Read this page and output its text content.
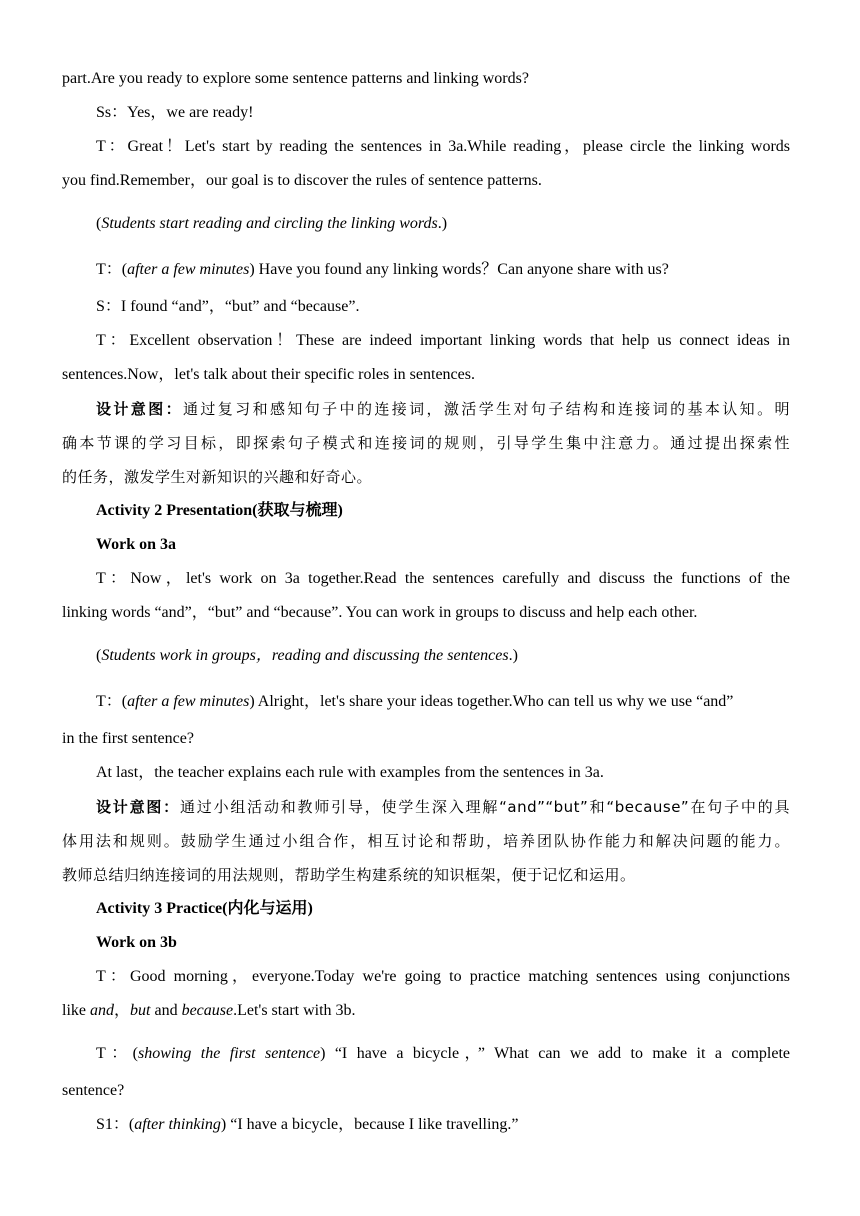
part.Are you ready to explore some sentence patterns and linking words?
Ss：Yes，we are ready!
T：Great！Let's start by reading the sentences in 3a.While reading，please circle the linking words
you find.Remember，our goal is to discover the rules of sentence patterns.
(Students start reading and circling the linking words.)
T：(after a few minutes) Have you found any linking words？Can anyone share with us?
S：I found “and”，“but” and “because”.
T：Excellent observation！These are indeed important linking words that help us connect ideas in
sentences.Now，let's talk about their specific roles in sentences.
设计意图：通过复习和感知句子中的连接词，激活学生对句子结构和连接词的基本认知。明
确本节课的学习目标，即探索句子模式和连接词的规则，引导学生集中注意力。通过提出探索性
的任务，激发学生对新知识的兴趣和好奇心。
Activity 2 Presentation(获取与梳理)
Work on 3a
T：Now，let's work on 3a together.Read the sentences carefully and discuss the functions of the
linking words “and”，“but” and “because”. You can work in groups to discuss and help each other.
(Students work in groups，reading and discussing the sentences.)
T：(after a few minutes) Alright，let's share your ideas together.Who can tell us why we use “and”
in the first sentence?
At last，the teacher explains each rule with examples from the sentences in 3a.
设计意图：通过小组活动和教师引导，使学生深入理解“and”“but”和“because”在句子中的具
体用法和规则。鼓励学生通过小组合作，相互讨论和帮助，培养团队协作能力和解决问题的能力。
教师总结归纳连接词的用法规则，帮助学生构建系统的知识框架，便于记忆和运用。
Activity 3 Practice(内化与运用)
Work on 3b
T：Good morning，everyone.Today we're going to practice matching sentences using conjunctions
like and，but and because.Let's start with 3b.
T：(showing the first sentence) “I have a bicycle，” What can we add to make it a complete
sentence?
S1：(after thinking) “I have a bicycle，because I like travelling.”
